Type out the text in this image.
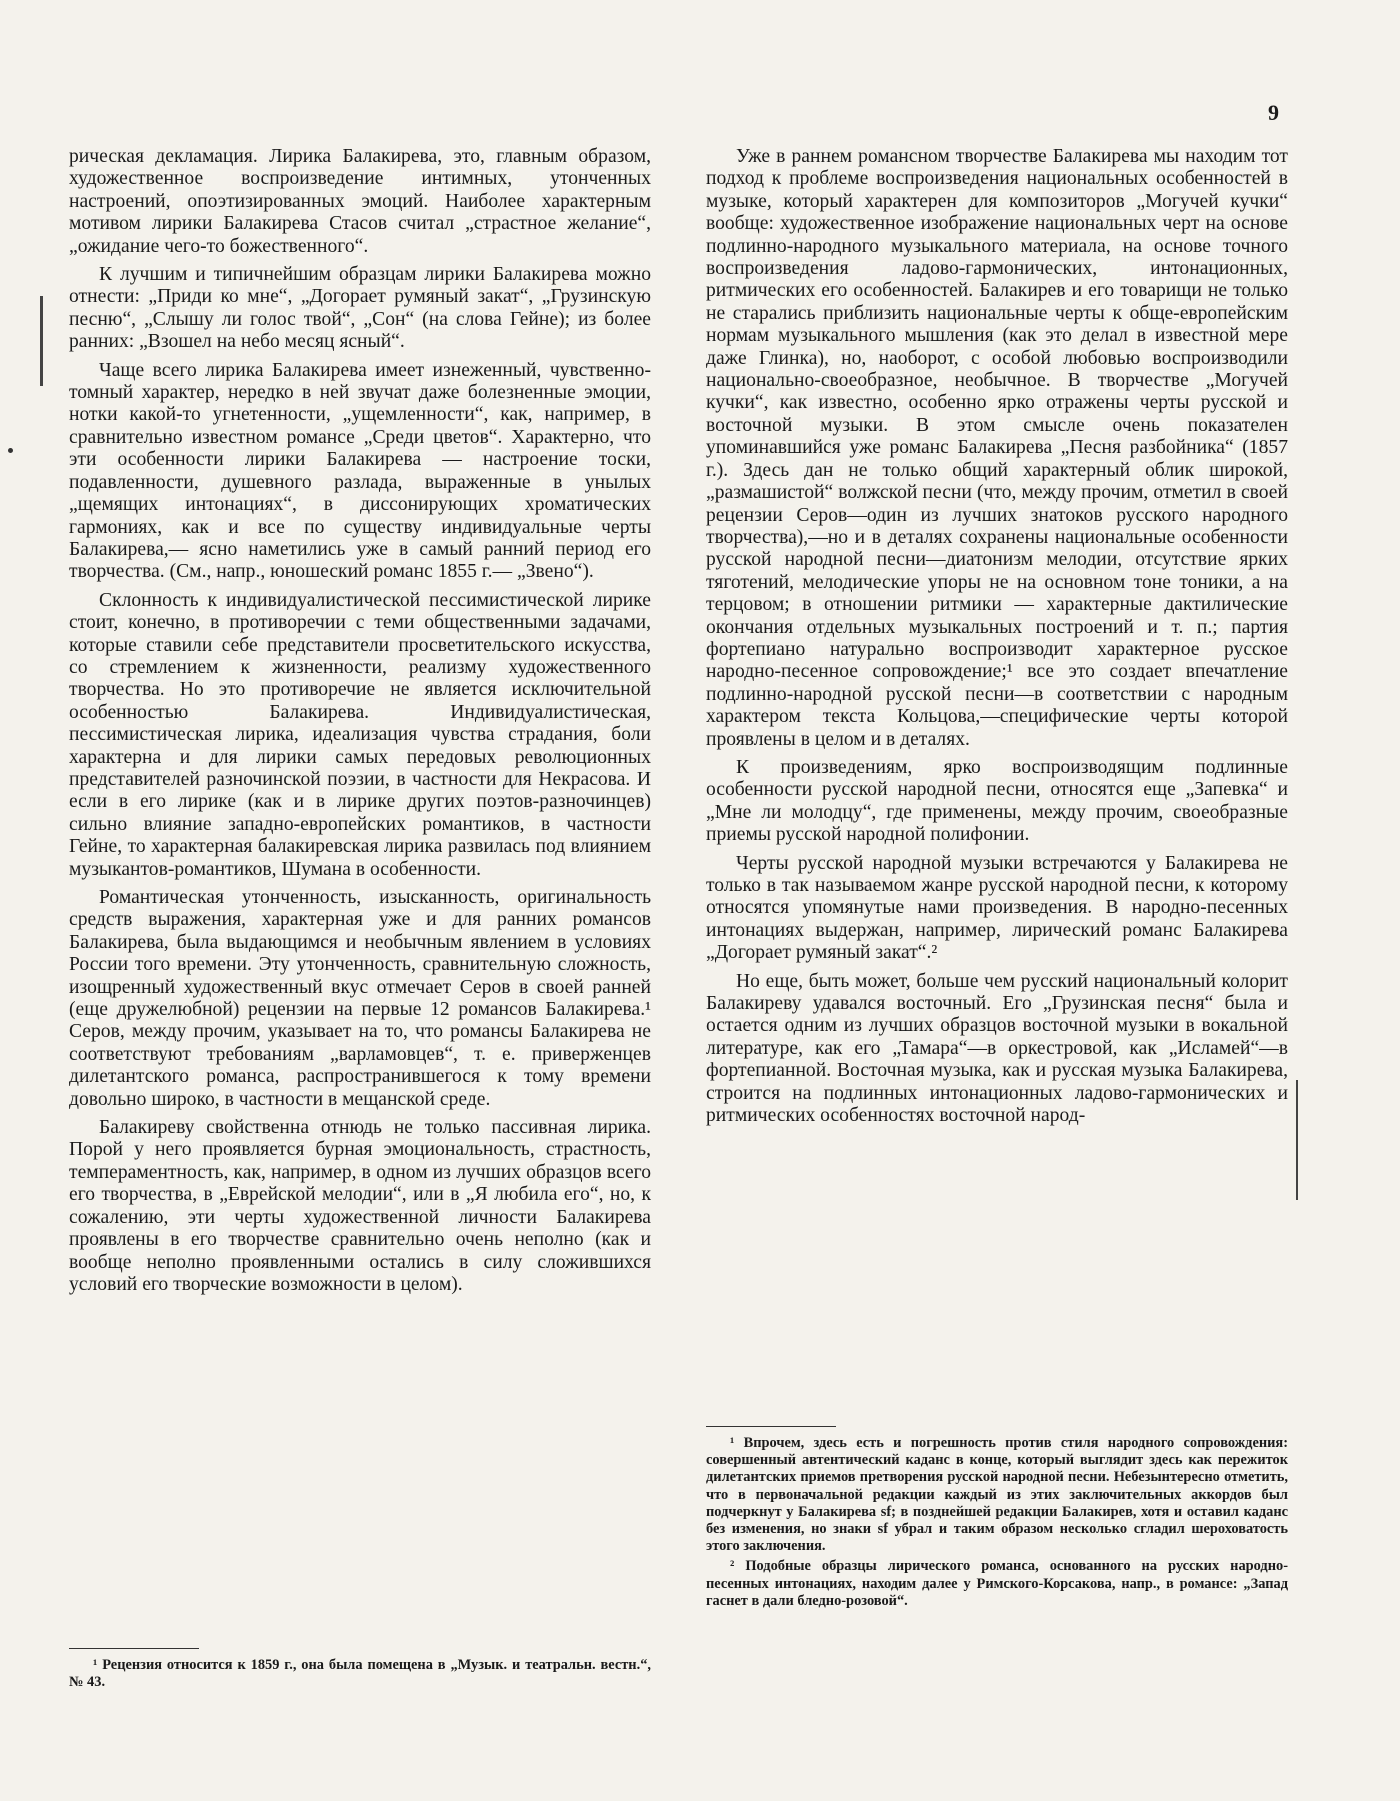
9

рическая декламация. Лирика Балакирева, это, главным образом, художественное воспроизведение интимных, утонченных настроений, опоэтизированных эмоций. Наиболее характерным мотивом лирики Балакирева Стасов считал „страстное желание“, „ожидание чего-то божественного“.

К лучшим и типичнейшим образцам лирики Балакирева можно отнести: „Приди ко мне“, „Догорает румяный закат“, „Грузинскую песню“, „Слышу ли голос твой“, „Сон“ (на слова Гейне); из более ранних: „Взошел на небо месяц ясный“.

Чаще всего лирика Балакирева имеет изнеженный, чувственно-томный характер, нередко в ней звучат даже болезненные эмоции, нотки какой-то угнетенности, „ущемленности“, как, например, в сравнительно известном романсе „Среди цветов“. Характерно, что эти особенности лирики Балакирева — настроение тоски, подавленности, душевного разлада, выраженные в унылых „щемящих интонациях“, в диссонирующих хроматических гармониях, как и все по существу индивидуальные черты Балакирева,— ясно наметились уже в самый ранний период его творчества. (См., напр., юношеский романс 1855 г.— „Звено“).

Склонность к индивидуалистической пессимистической лирике стоит, конечно, в противоречии с теми общественными задачами, которые ставили себе представители просветительского искусства, со стремлением к жизненности, реализму художественного творчества. Но это противоречие не является исключительной особенностью Балакирева. Индивидуалистическая, пессимистическая лирика, идеализация чувства страдания, боли характерна и для лирики самых передовых революционных представителей разночинской поэзии, в частности для Некрасова. И если в его лирике (как и в лирике других поэтов-разночинцев) сильно влияние западно-европейских романтиков, в частности Гейне, то характерная балакиревская лирика развилась под влиянием музыкантов-романтиков, Шумана в особенности.

Романтическая утонченность, изысканность, оригинальность средств выражения, характерная уже и для ранних романсов Балакирева, была выдающимся и необычным явлением в условиях России того времени. Эту утонченность, сравнительную сложность, изощренный художественный вкус отмечает Серов в своей ранней (еще дружелюбной) рецензии на первые 12 романсов Балакирева.¹ Серов, между прочим, указывает на то, что романсы Балакирева не соответствуют требованиям „варламовцев“, т. е. приверженцев дилетантского романса, распространившегося к тому времени довольно широко, в частности в мещанской среде.

Балакиреву свойственна отнюдь не только пассивная лирика. Порой у него проявляется бурная эмоциональность, страстность, темпераментность, как, например, в одном из лучших образцов всего его творчества, в „Еврейской мелодии“, или в „Я любила его“, но, к сожалению, эти черты художественной личности Балакирева проявлены в его творчестве сравнительно очень неполно (как и вообще неполно проявленными остались в силу сложившихся условий его творческие возможности в целом).

¹ Рецензия относится к 1859 г., она была помещена в „Музык. и театральн. вестн.“, № 43.

Уже в раннем романсном творчестве Балакирева мы находим тот подход к проблеме воспроизведения национальных особенностей в музыке, который характерен для композиторов „Могучей кучки“ вообще: художественное изображение национальных черт на основе подлинно-народного музыкального материала, на основе точного воспроизведения ладово-гармонических, интонационных, ритмических его особенностей. Балакирев и его товарищи не только не старались приблизить национальные черты к обще-европейским нормам музыкального мышления (как это делал в известной мере даже Глинка), но, наоборот, с особой любовью воспроизводили национально-своеобразное, необычное. В творчестве „Могучей кучки“, как известно, особенно ярко отражены черты русской и восточной музыки. В этом смысле очень показателен упоминавшийся уже романс Балакирева „Песня разбойника“ (1857 г.). Здесь дан не только общий характерный облик широкой, „размашистой“ волжской песни (что, между прочим, отметил в своей рецензии Серов—один из лучших знатоков русского народного творчества),—но и в деталях сохранены национальные особенности русской народной песни—диатонизм мелодии, отсутствие ярких тяготений, мелодические упоры не на основном тоне тоники, а на терцовом; в отношении ритмики — характерные дактилические окончания отдельных музыкальных построений и т. п.; партия фортепиано натурально воспроизводит характерное русское народно-песенное сопровождение;¹ все это создает впечатление подлинно-народной русской песни—в соответствии с народным характером текста Кольцова,—специфические черты которой проявлены в целом и в деталях.

К произведениям, ярко воспроизводящим подлинные особенности русской народной песни, относятся еще „Запевка“ и „Мне ли молодцу“, где применены, между прочим, своеобразные приемы русской народной полифонии.

Черты русской народной музыки встречаются у Балакирева не только в так называемом жанре русской народной песни, к которому относятся упомянутые нами произведения. В народно-песенных интонациях выдержан, например, лирический романс Балакирева „Догорает румяный закат“.²

Но еще, быть может, больше чем русский национальный колорит Балакиреву удавался восточный. Его „Грузинская песня“ была и остается одним из лучших образцов восточной музыки в вокальной литературе, как его „Тамара“—в оркестровой, как „Исламей“—в фортепианной. Восточная музыка, как и русская музыка Балакирева, строится на подлинных интонационных ладово-гармонических и ритмических особенностях восточной народ-

¹ Впрочем, здесь есть и погрешность против стиля народного сопровождения: совершенный автентический каданс в конце, который выглядит здесь как пережиток дилетантских приемов претворения русской народной песни. Небезынтересно отметить, что в первоначальной редакции каждый из этих заключительных аккордов был подчеркнут у Балакирева sf; в позднейшей редакции Балакирев, хотя и оставил каданс без изменения, но знаки sf убрал и таким образом несколько сгладил шероховатость этого заключения.

² Подобные образцы лирического романса, основанного на русских народно-песенных интонациях, находим далее у Римского-Корсакова, напр., в романсе: „Запад гаснет в дали бледно-розовой“.
